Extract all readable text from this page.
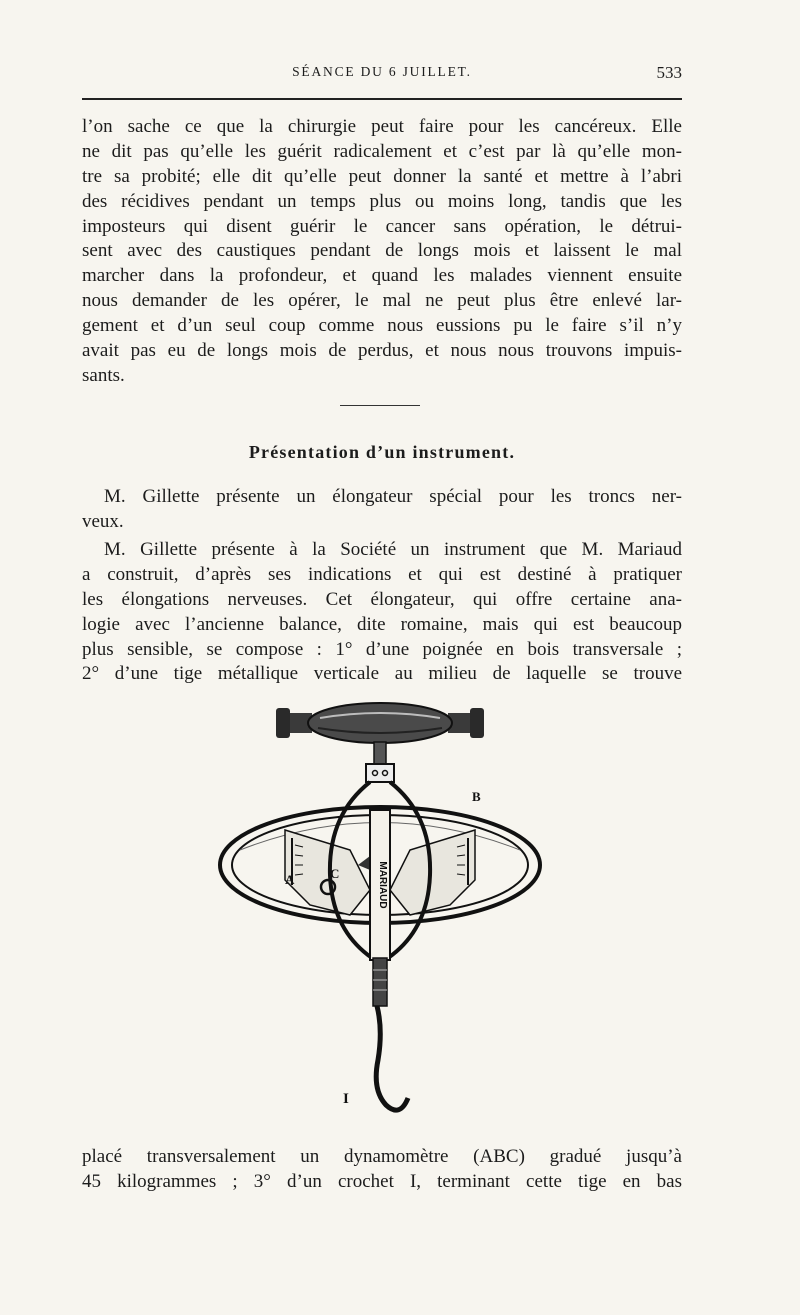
SÉANCE DU 6 JUILLET.	533
l’on sache ce que la chirurgie peut faire pour les cancéreux. Elle
ne dit pas qu’elle les guérit radicalement et c’est par là qu’elle mon-
tre sa probité; elle dit qu’elle peut donner la santé et mettre à l’abri
des récidives pendant un temps plus ou moins long, tandis que les
imposteurs qui disent guérir le cancer sans opération, le détrui-
sent avec des caustiques pendant de longs mois et laissent le mal
marcher dans la profondeur, et quand les malades viennent ensuite
nous demander de les opérer, le mal ne peut plus être enlevé lar-
gement et d’un seul coup comme nous eussions pu le faire s’il n’y
avait pas eu de longs mois de perdus, et nous nous trouvons impuis-
sants.
Présentation d’un instrument.
M. Gillette présente un élongateur spécial pour les troncs ner-
veux.
M. Gillette présente à la Société un instrument que M. Mariaud
a construit, d’après ses indications et qui est destiné à pratiquer
les élongations nerveuses. Cet élongateur, qui offre certaine ana-
logie avec l’ancienne balance, dite romaine, mais qui est beaucoup
plus sensible, se compose : 1° d’une poignée en bois transversale ;
2° d’une tige métallique verticale au milieu de laquelle se trouve
MARIAUD
A
B
C
I
placé transversalement un dynamomètre (ABC) gradué jusqu’à
45 kilogrammes ; 3° d’un crochet I, terminant cette tige en bas
